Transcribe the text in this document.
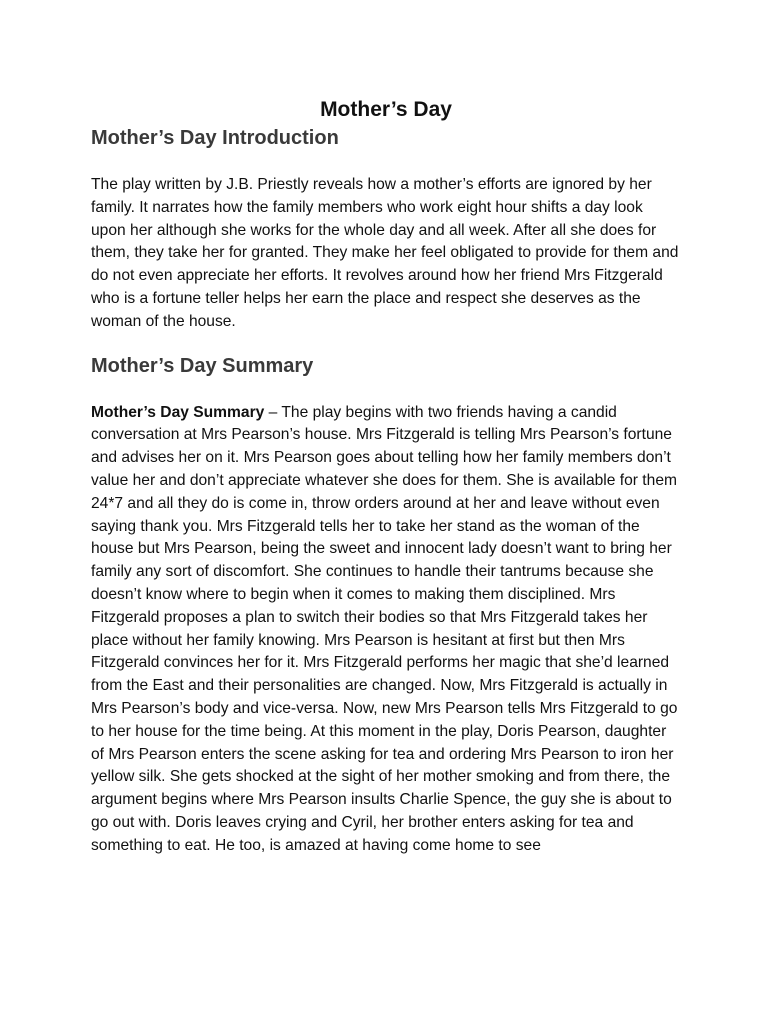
Mother’s Day
Mother’s Day Introduction

The play written by J.B. Priestly reveals how a mother’s efforts are ignored by her family. It narrates how the family members who work eight hour shifts a day look upon her although she works for the whole day and all week. After all she does for them, they take her for granted. They make her feel obligated to provide for them and do not even appreciate her efforts. It revolves around how her friend Mrs Fitzgerald who is a fortune teller helps her earn the place and respect she deserves as the woman of the house.

Mother’s Day Summary

Mother’s Day Summary – The play begins with two friends having a candid conversation at Mrs Pearson’s house. Mrs Fitzgerald is telling Mrs Pearson’s fortune and advises her on it. Mrs Pearson goes about telling how her family members don’t value her and don’t appreciate whatever she does for them. She is available for them 24*7 and all they do is come in, throw orders around at her and leave without even saying thank you. Mrs Fitzgerald tells her to take her stand as the woman of the house but Mrs Pearson, being the sweet and innocent lady doesn’t want to bring her family any sort of discomfort. She continues to handle their tantrums because she doesn’t know where to begin when it comes to making them disciplined. Mrs Fitzgerald proposes a plan to switch their bodies so that Mrs Fitzgerald takes her place without her family knowing. Mrs Pearson is hesitant at first but then Mrs Fitzgerald convinces her for it. Mrs Fitzgerald performs her magic that she’d learned from the East and their personalities are changed. Now, Mrs Fitzgerald is actually in Mrs Pearson’s body and vice-versa. Now, new Mrs Pearson tells Mrs Fitzgerald to go to her house for the time being. At this moment in the play, Doris Pearson, daughter of Mrs Pearson enters the scene asking for tea and ordering Mrs Pearson to iron her yellow silk. She gets shocked at the sight of her mother smoking and from there, the argument begins where Mrs Pearson insults Charlie Spence, the guy she is about to go out with. Doris leaves crying and Cyril, her brother enters asking for tea and something to eat. He too, is amazed at having come home to see
